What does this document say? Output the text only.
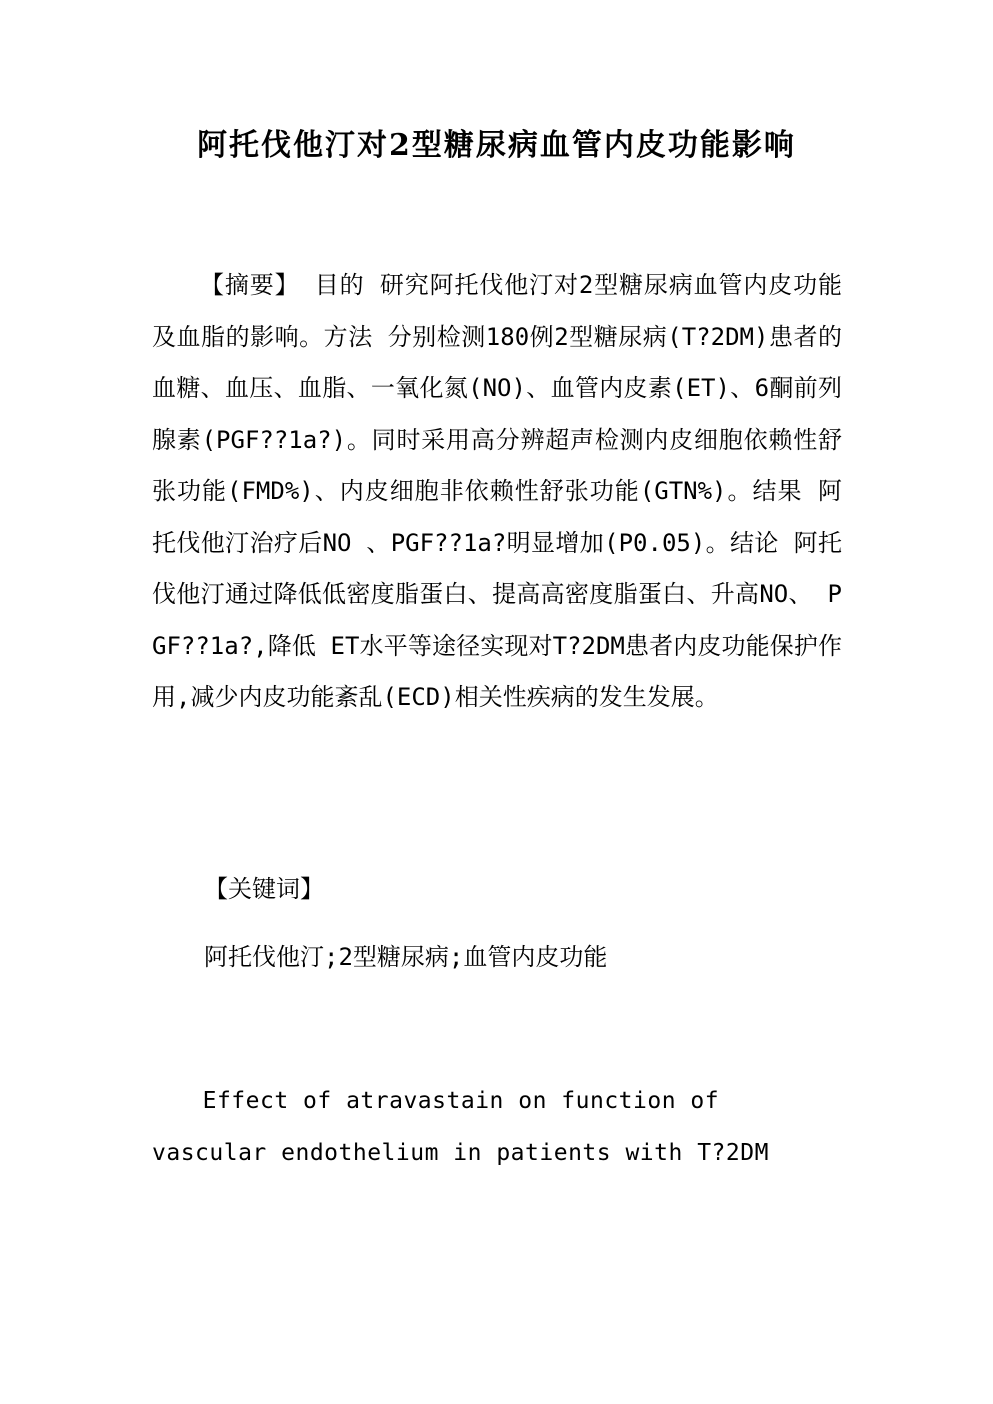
阿托伐他汀对2型糖尿病血管内皮功能影响

【摘要】 目的 研究阿托伐他汀对2型糖尿病血管内皮功能及血脂的影响。方法 分别检测180例2型糖尿病(T?2DM)患者的血糖、血压、血脂、一氧化氮(NO)、血管内皮素(ET)、6酮前列腺素(PGF??1a?)。同时采用高分辨超声检测内皮细胞依赖性舒张功能(FMD%)、内皮细胞非依赖性舒张功能(GTN%)。结果 阿托伐他汀治疗后NO 、PGF??1a?明显增加(P0.05)。结论 阿托伐他汀通过降低低密度脂蛋白、提高高密度脂蛋白、升高NO、 PGF??1a?,降低 ET水平等途径实现对T?2DM患者内皮功能保护作用,减少内皮功能紊乱(ECD)相关性疾病的发生发展。

【关键词】

阿托伐他汀;2型糖尿病;血管内皮功能

Effect of atravastain on function of vascular endothelium in patients with T?2DM
